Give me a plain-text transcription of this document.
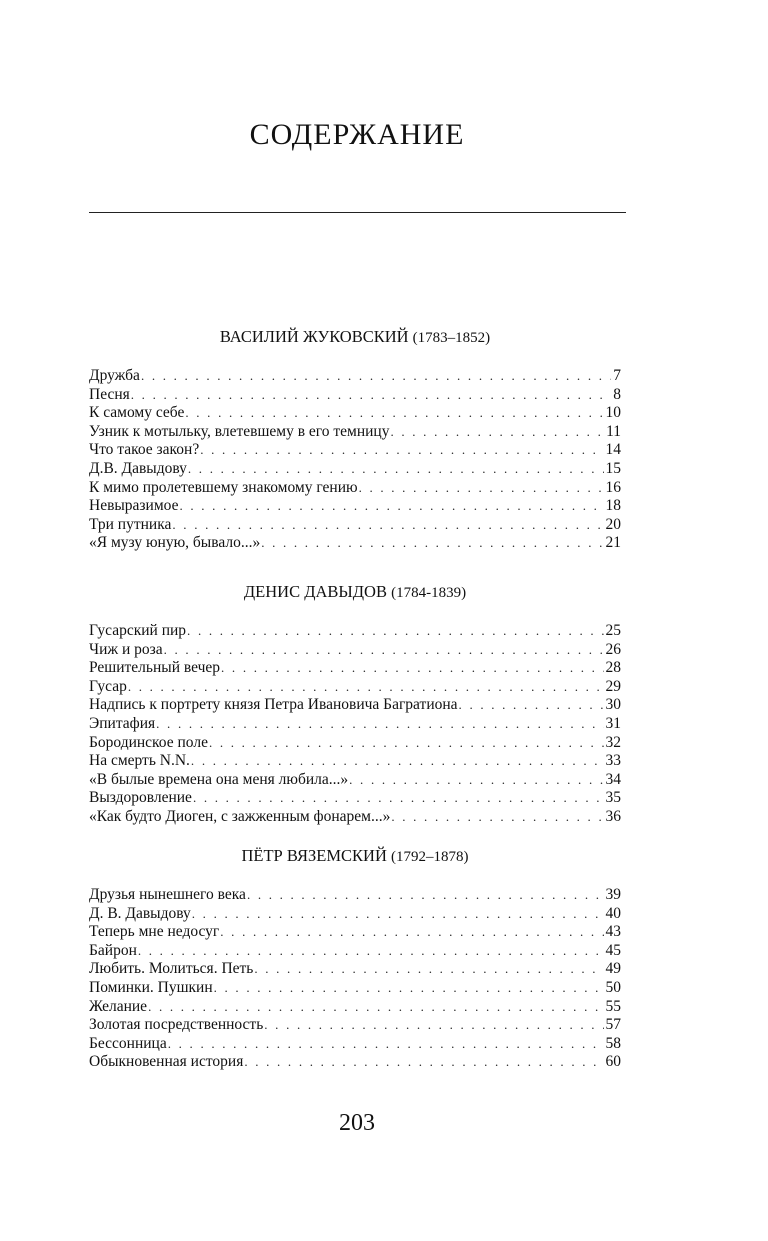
СОДЕРЖАНИЕ
ВАСИЛИЙ ЖУКОВСКИЙ (1783–1852)
Дружба . . .	7
Песня . . .	8
К самому себе . . .	10
Узник к мотыльку, влетевшему в его темницу . . .	11
Что такое закон? . . .	14
Д.В. Давыдову . . .	15
К мимо пролетевшему знакомому гению . . .	16
Невыразимое . . .	18
Три путника . . .	20
«Я музу юную, бывало...» . . .	21
ДЕНИС ДАВЫДОВ (1784-1839)
Гусарский пир . . .	25
Чиж и роза . . .	26
Решительный вечер . . .	28
Гусар . . .	29
Надпись к портрету князя Петра Ивановича Багратиона . . .	30
Эпитафия . . .	31
Бородинское поле . . .	32
На смерть N.N. . . .	33
«В былые времена она меня любила...» . . .	34
Выздоровление . . .	35
«Как будто Диоген, с зажженным фонарем...» . . .	36
ПЁТР ВЯЗЕМСКИЙ (1792–1878)
Друзья нынешнего века . . .	39
Д. В. Давыдову . . .	40
Теперь мне недосуг . . .	43
Байрон . . .	45
Любить. Молиться. Петь . . .	49
Поминки. Пушкин . . .	50
Желание . . .	55
Золотая посредственность . . .	57
Бессонница . . .	58
Обыкновенная история . . .	60
203
